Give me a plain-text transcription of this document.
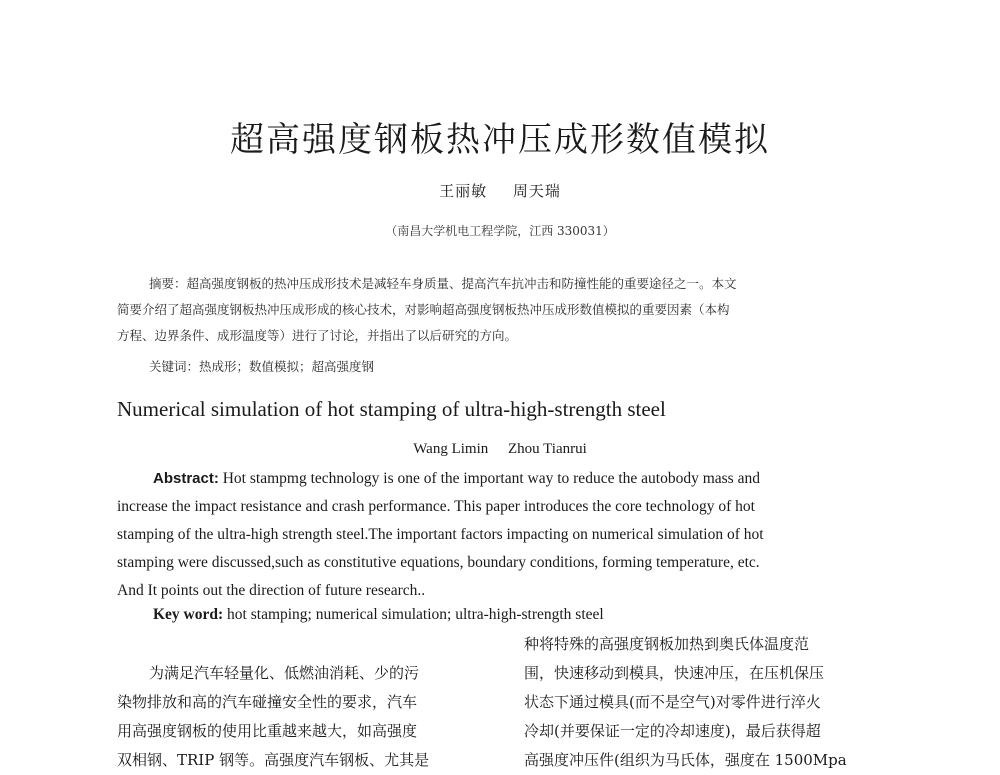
超高强度钢板热冲压成形数值模拟
王丽敏 周天瑞
（南昌大学机电工程学院，江西 330031）
摘要：超高强度钢板的热冲压成形技术是减轻车身质量、提高汽车抗冲击和防撞性能的重要途径之一。本文
简要介绍了超高强度钢板热冲压成形成的核心技术，对影响超高强度钢板热冲压成形数值模拟的重要因素（本构
方程、边界条件、成形温度等）进行了讨论，并指出了以后研究的方向。
关键词：热成形；数值模拟；超高强度钢
Numerical simulation of hot stamping of ultra-high-strength steel
Wang Limin Zhou Tianrui
Abstract: Hot stampmg technology is one of the important way to reduce the autobody mass and
increase the impact resistance and crash performance. This paper introduces the core technology of hot
stamping of the ultra-high strength steel.The important factors impacting on numerical simulation of hot
stamping were discussed,such as constitutive equations, boundary conditions, forming temperature, etc.
And It points out the direction of future research..
Key word: hot stamping; numerical simulation; ultra-high-strength steel
为满足汽车轻量化、低燃油消耗、少的污
染物排放和高的汽车碰撞安全性的要求，汽车
用高强度钢板的使用比重越来越大，如高强度
双相钢、TRIP 钢等。高强度汽车钢板、尤其是
种将特殊的高强度钢板加热到奥氏体温度范
围，快速移动到模具，快速冲压，在压机保压
状态下通过模具(而不是空气)对零件进行淬火
冷却(并要保证一定的冷却速度)，最后获得超
高强度冲压件(组织为马氏体，强度在 1500Mpa
